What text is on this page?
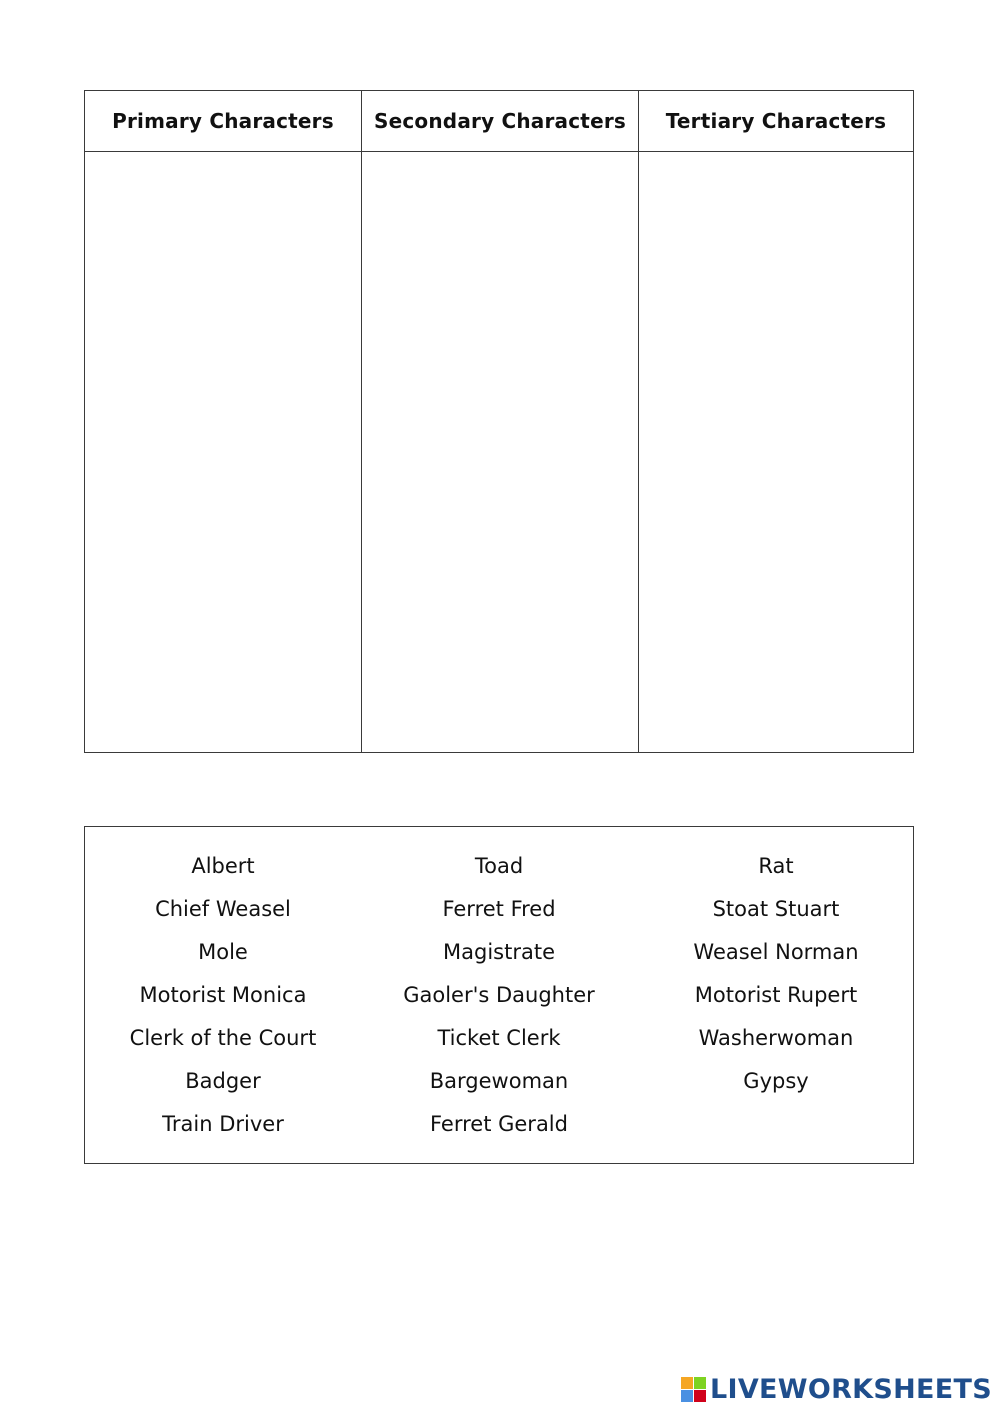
Primary Characters	Secondary Characters	Tertiary Characters
Albert
Chief Weasel
Mole
Motorist Monica
Clerk of the Court
Badger
Train Driver
Toad
Ferret Fred
Magistrate
Gaoler's Daughter
Ticket Clerk
Bargewoman
Ferret Gerald
Rat
Stoat Stuart
Weasel Norman
Motorist Rupert
Washerwoman
Gypsy
LIVEWORKSHEETS
